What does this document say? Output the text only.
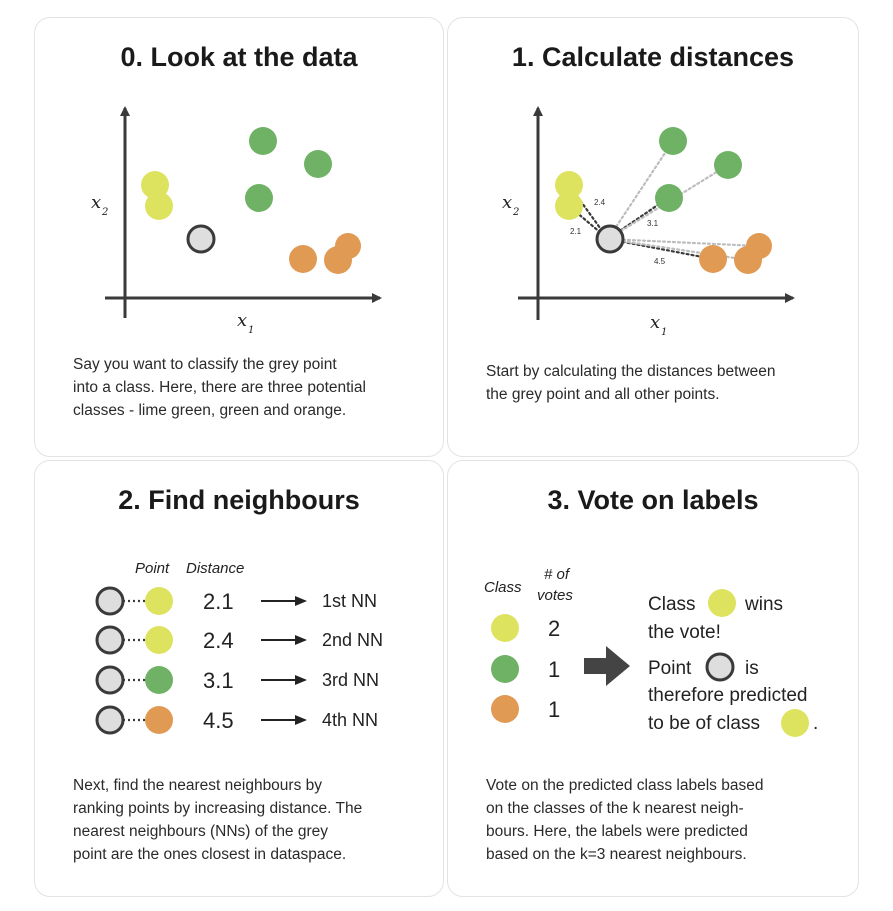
0. Look at the data
x 2
x 1
Say you want to classify the grey point
into a class. Here, there are three potential
classes - lime green, green and orange.
1. Calculate distances
x 2
x 1
2.4
2.1
3.1
4.5
Start by calculating the distances between
the grey point and all other points.
2. Find neighbours
Point Distance
2.1	1st NN
2.4	2nd NN
3.1	3rd NN
4.5	4th NN
Next, find the nearest neighbours by
ranking points by increasing distance. The
nearest neighbours (NNs) of the grey
point are the ones closest in dataspace.
3. Vote on labels
Class
# of
votes
2
1
1
Class	wins
the vote!
Point	is
therefore predicted
to be of class	.
Vote on the predicted class labels based
on the classes of the k nearest neigh-
bours. Here, the labels were predicted
based on the k=3 nearest neighbours.
